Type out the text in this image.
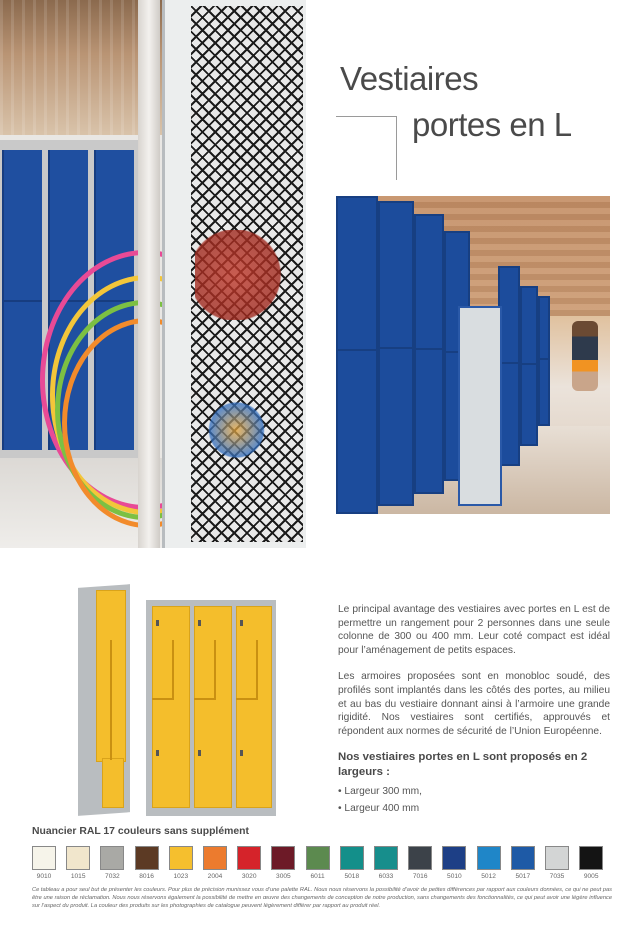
Vestiaires
portes en L

Le principal avantage des vestiaires avec portes en L est de permettre un rangement pour 2 personnes dans une seule colonne de 300 ou 400 mm. Leur coté compact est idéal pour l’aménagement de petits espaces.

Les armoires proposées sont en monobloc soudé, des profilés sont implantés dans les côtés des portes, au milieu et au bas du vestiaire donnant ainsi à l’armoire une grande rigidité. Nos vestiaires sont certifiés, approuvés et répondent aux normes de sécurité de l’Union Européenne.

Nos vestiaires portes en L sont proposés en 2 largeurs :
• Largeur 300 mm,
• Largeur 400 mm
Nuancier RAL 17 couleurs sans supplément
9010	1015	7032	8016	1023	2004	3020	3005	6011	5018	6033	7016	5010	5012	5017	7035	9005
Ce tableau a pour seul but de présenter les couleurs. Pour plus de précision munissez vous d’une palette RAL. Nous nous réservons la possibilité d’avoir de petites différences par rapport aux couleurs données, ce qui ne peut pas être une raison de réclamation. Nous nous réservons également la possibilité de mettre en œuvre des changements de conception de notre production, sans changements des fonctionnalités, ce qui peut avoir une légère influence sur l’aspect du produit. La couleur des produits sur les photographies de catalogue peuvent légèrement différer par rapport au produit réel.
